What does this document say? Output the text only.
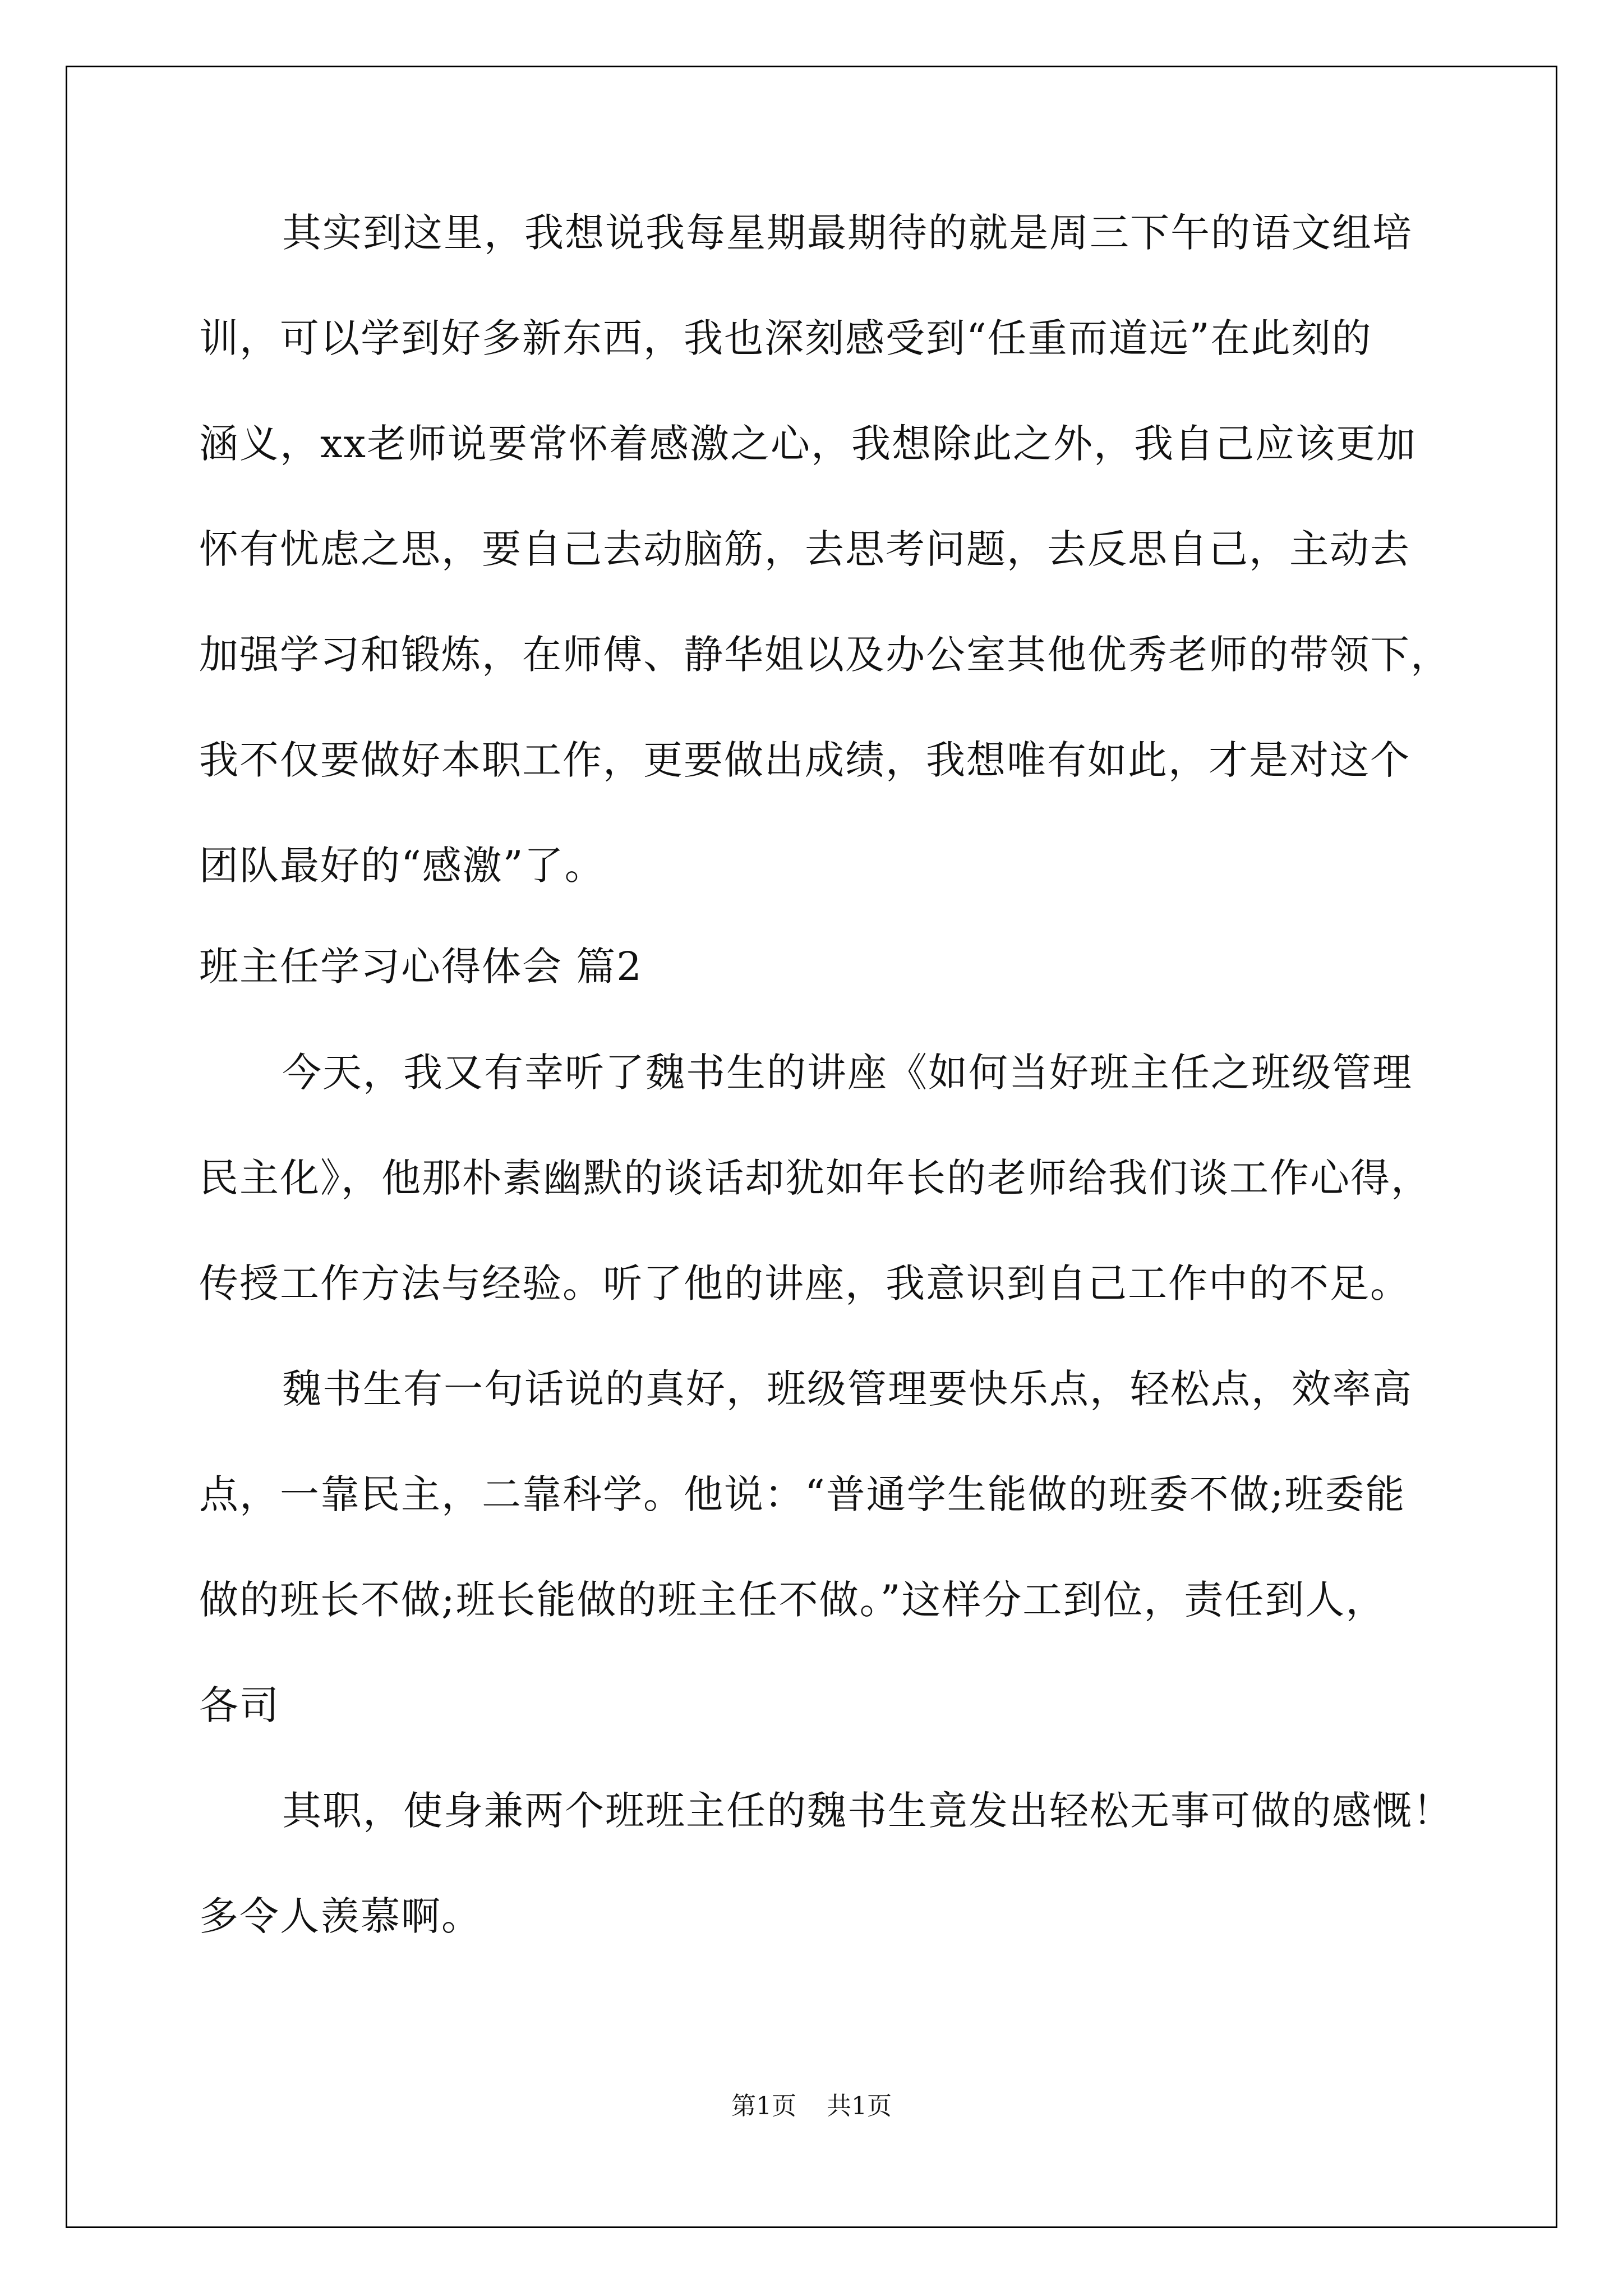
其实到这里，我想说我每星期最期待的就是周三下午的语文组培
训，可以学到好多新东西，我也深刻感受到“任重而道远”在此刻的
涵义，xx老师说要常怀着感激之心，我想除此之外，我自己应该更加
怀有忧虑之思，要自己去动脑筋，去思考问题，去反思自己，主动去
加强学习和锻炼，在师傅、静华姐以及办公室其他优秀老师的带领下，
我不仅要做好本职工作，更要做出成绩，我想唯有如此，才是对这个
团队最好的“感激”了。
班主任学习心得体会 篇2
今天，我又有幸听了魏书生的讲座《如何当好班主任之班级管理
民主化》，他那朴素幽默的谈话却犹如年长的老师给我们谈工作心得，
传授工作方法与经验。听了他的讲座，我意识到自己工作中的不足。
魏书生有一句话说的真好，班级管理要快乐点，轻松点，效率高
点，一靠民主，二靠科学。他说：“普通学生能做的班委不做;班委能
做的班长不做;班长能做的班主任不做。”这样分工到位，责任到人，
各司
其职，使身兼两个班班主任的魏书生竟发出轻松无事可做的感慨！
多令人羡慕啊。
第1页 共1页
